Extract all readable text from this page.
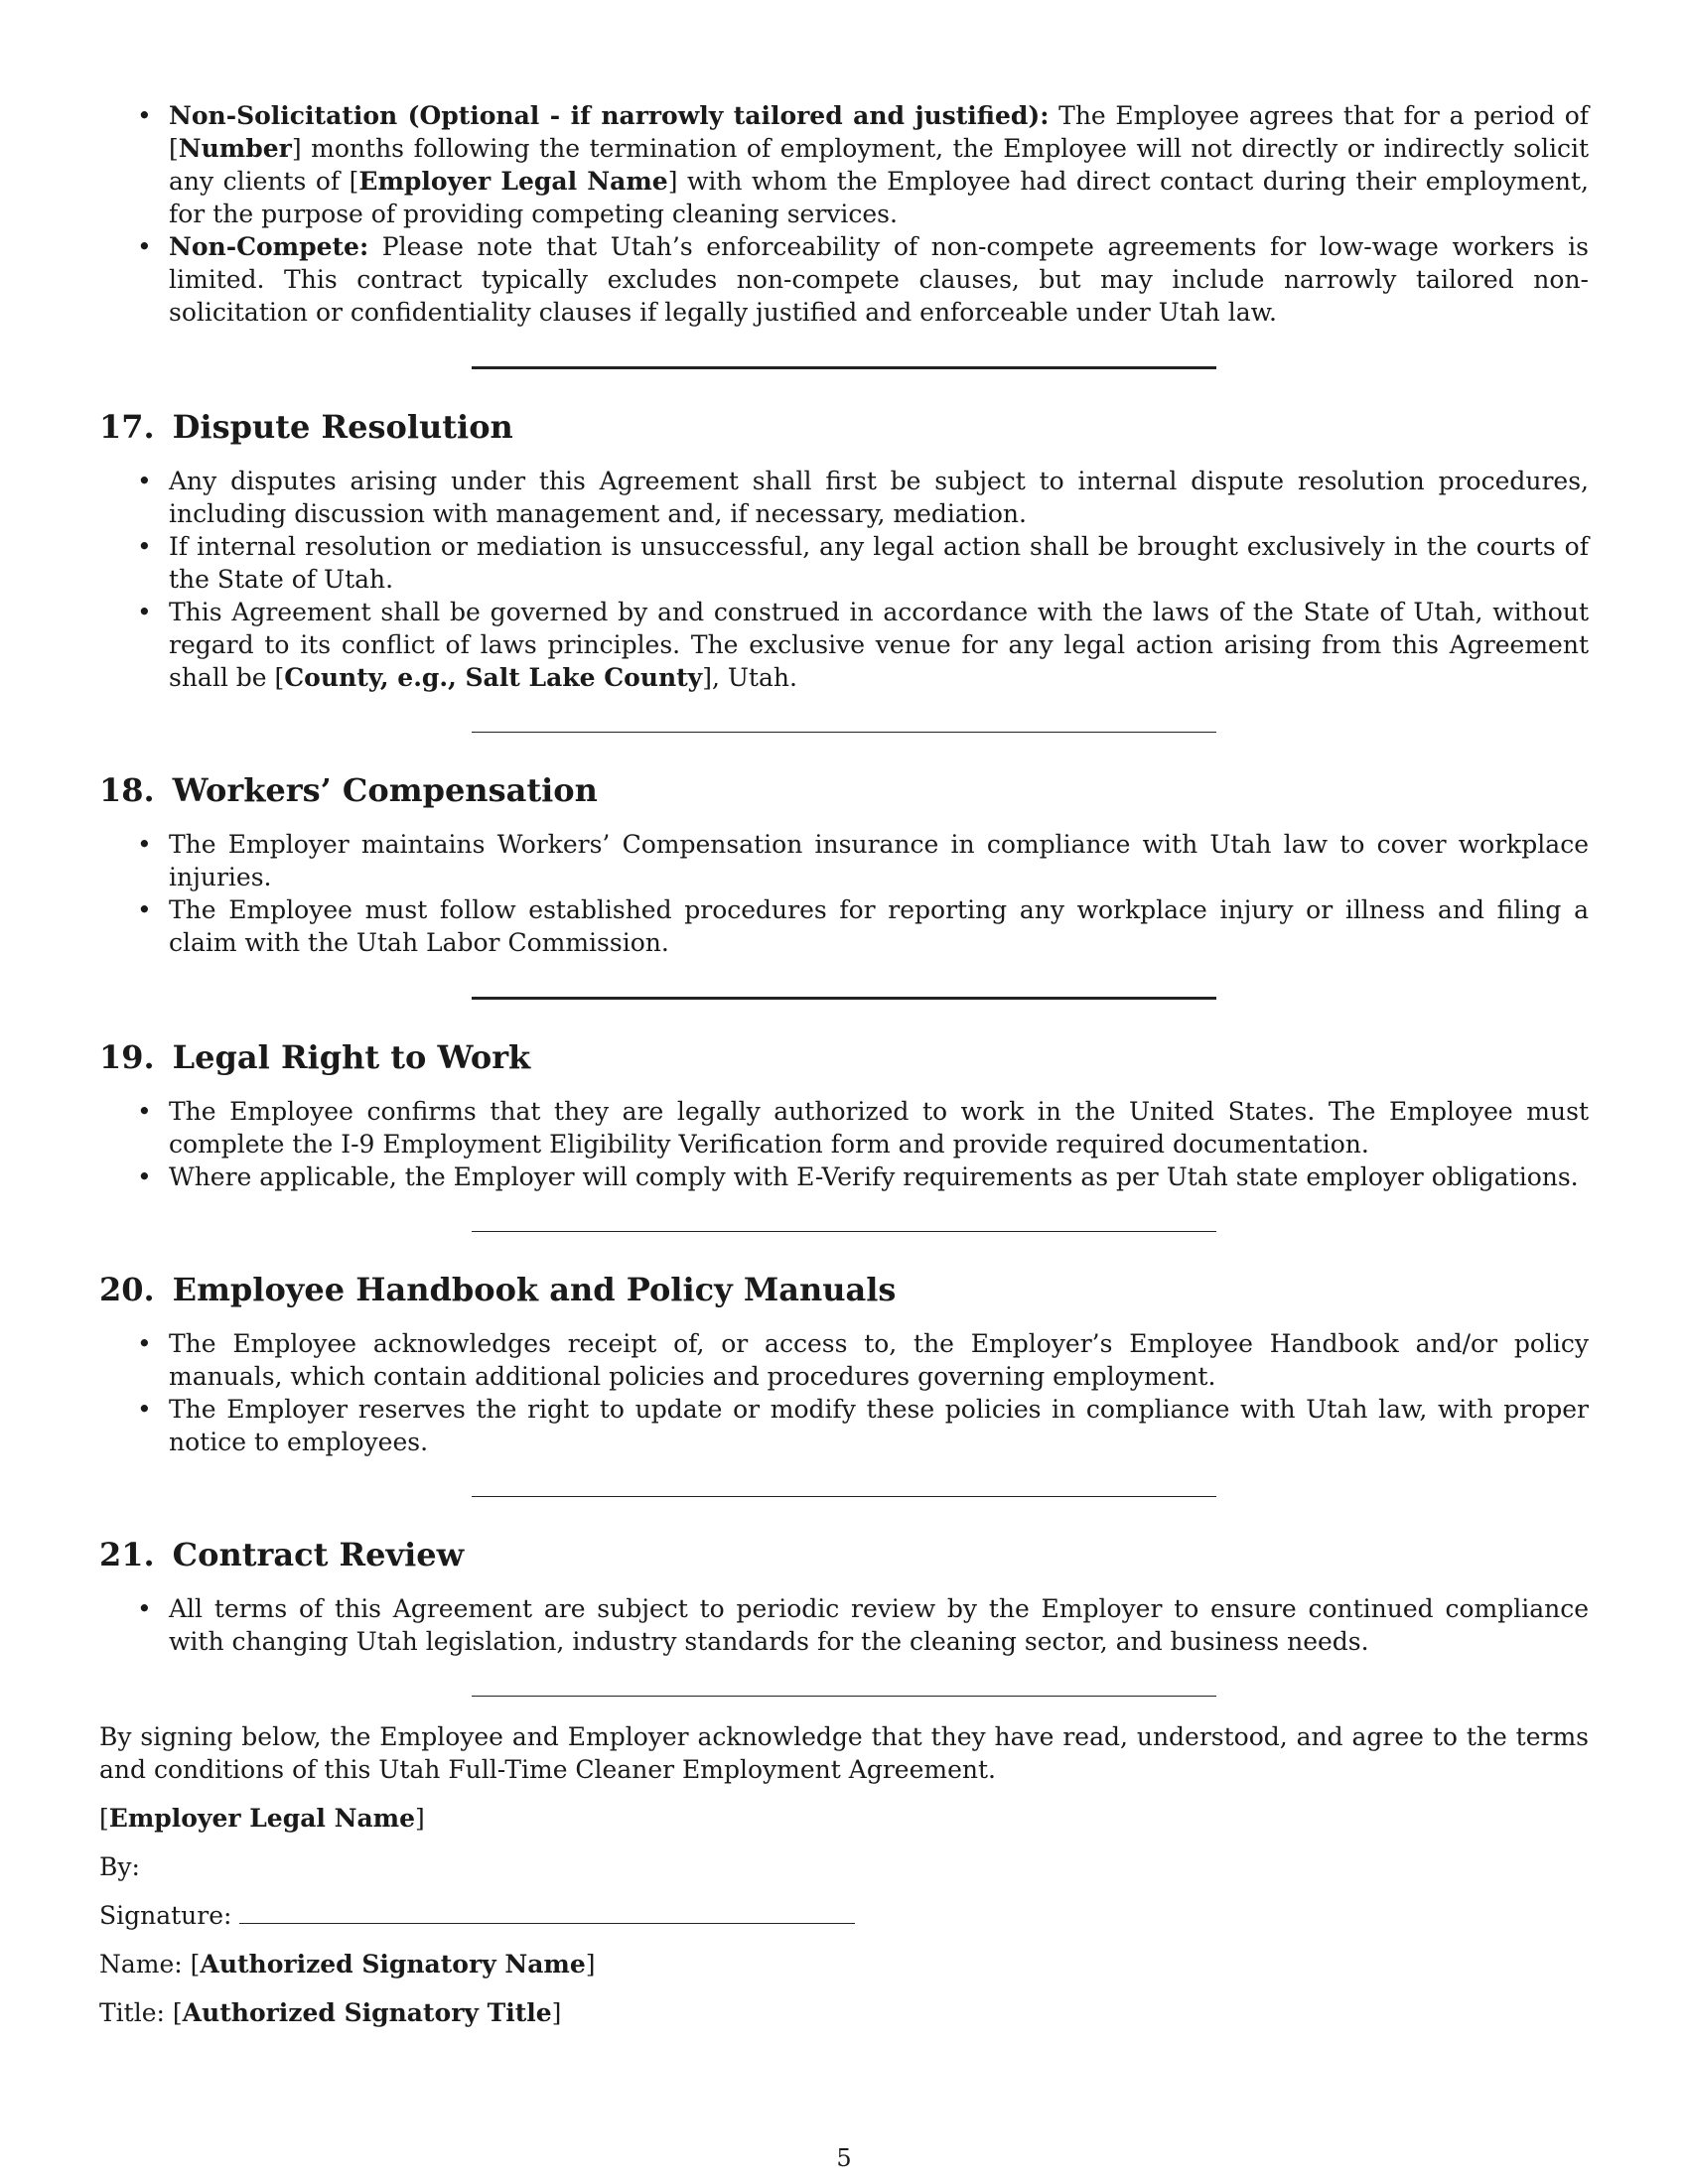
• Non-Solicitation (Optional - if narrowly tailored and justified): The Employee agrees that for a period of [Number] months following the termination of employment, the Employee will not directly or indirectly solicit any clients of [Employer Legal Name] with whom the Employee had direct contact during their employment, for the purpose of providing competing cleaning services.
• Non-Compete: Please note that Utah’s enforceability of non-compete agreements for low-wage workers is limited. This contract typically excludes non-compete clauses, but may include narrowly tailored non-solicitation or confidentiality clauses if legally justified and enforceable under Utah law.
17. Dispute Resolution
• Any disputes arising under this Agreement shall first be subject to internal dispute resolution procedures, including discussion with management and, if necessary, mediation.
• If internal resolution or mediation is unsuccessful, any legal action shall be brought exclusively in the courts of the State of Utah.
• This Agreement shall be governed by and construed in accordance with the laws of the State of Utah, without regard to its conflict of laws principles. The exclusive venue for any legal action arising from this Agreement shall be [County, e.g., Salt Lake County], Utah.
18. Workers’ Compensation
• The Employer maintains Workers’ Compensation insurance in compliance with Utah law to cover workplace injuries.
• The Employee must follow established procedures for reporting any workplace injury or illness and filing a claim with the Utah Labor Commission.
19. Legal Right to Work
• The Employee confirms that they are legally authorized to work in the United States. The Employee must complete the I-9 Employment Eligibility Verification form and provide required documentation.
• Where applicable, the Employer will comply with E-Verify requirements as per Utah state employer obligations.
20. Employee Handbook and Policy Manuals
• The Employee acknowledges receipt of, or access to, the Employer’s Employee Handbook and/or policy manuals, which contain additional policies and procedures governing employment.
• The Employer reserves the right to update or modify these policies in compliance with Utah law, with proper notice to employees.
21. Contract Review
• All terms of this Agreement are subject to periodic review by the Employer to ensure continued compliance with changing Utah legislation, industry standards for the cleaning sector, and business needs.

By signing below, the Employee and Employer acknowledge that they have read, understood, and agree to the terms and conditions of this Utah Full-Time Cleaner Employment Agreement.

[Employer Legal Name]
By:
Signature:
Name: [Authorized Signatory Name]
Title: [Authorized Signatory Title]
5
